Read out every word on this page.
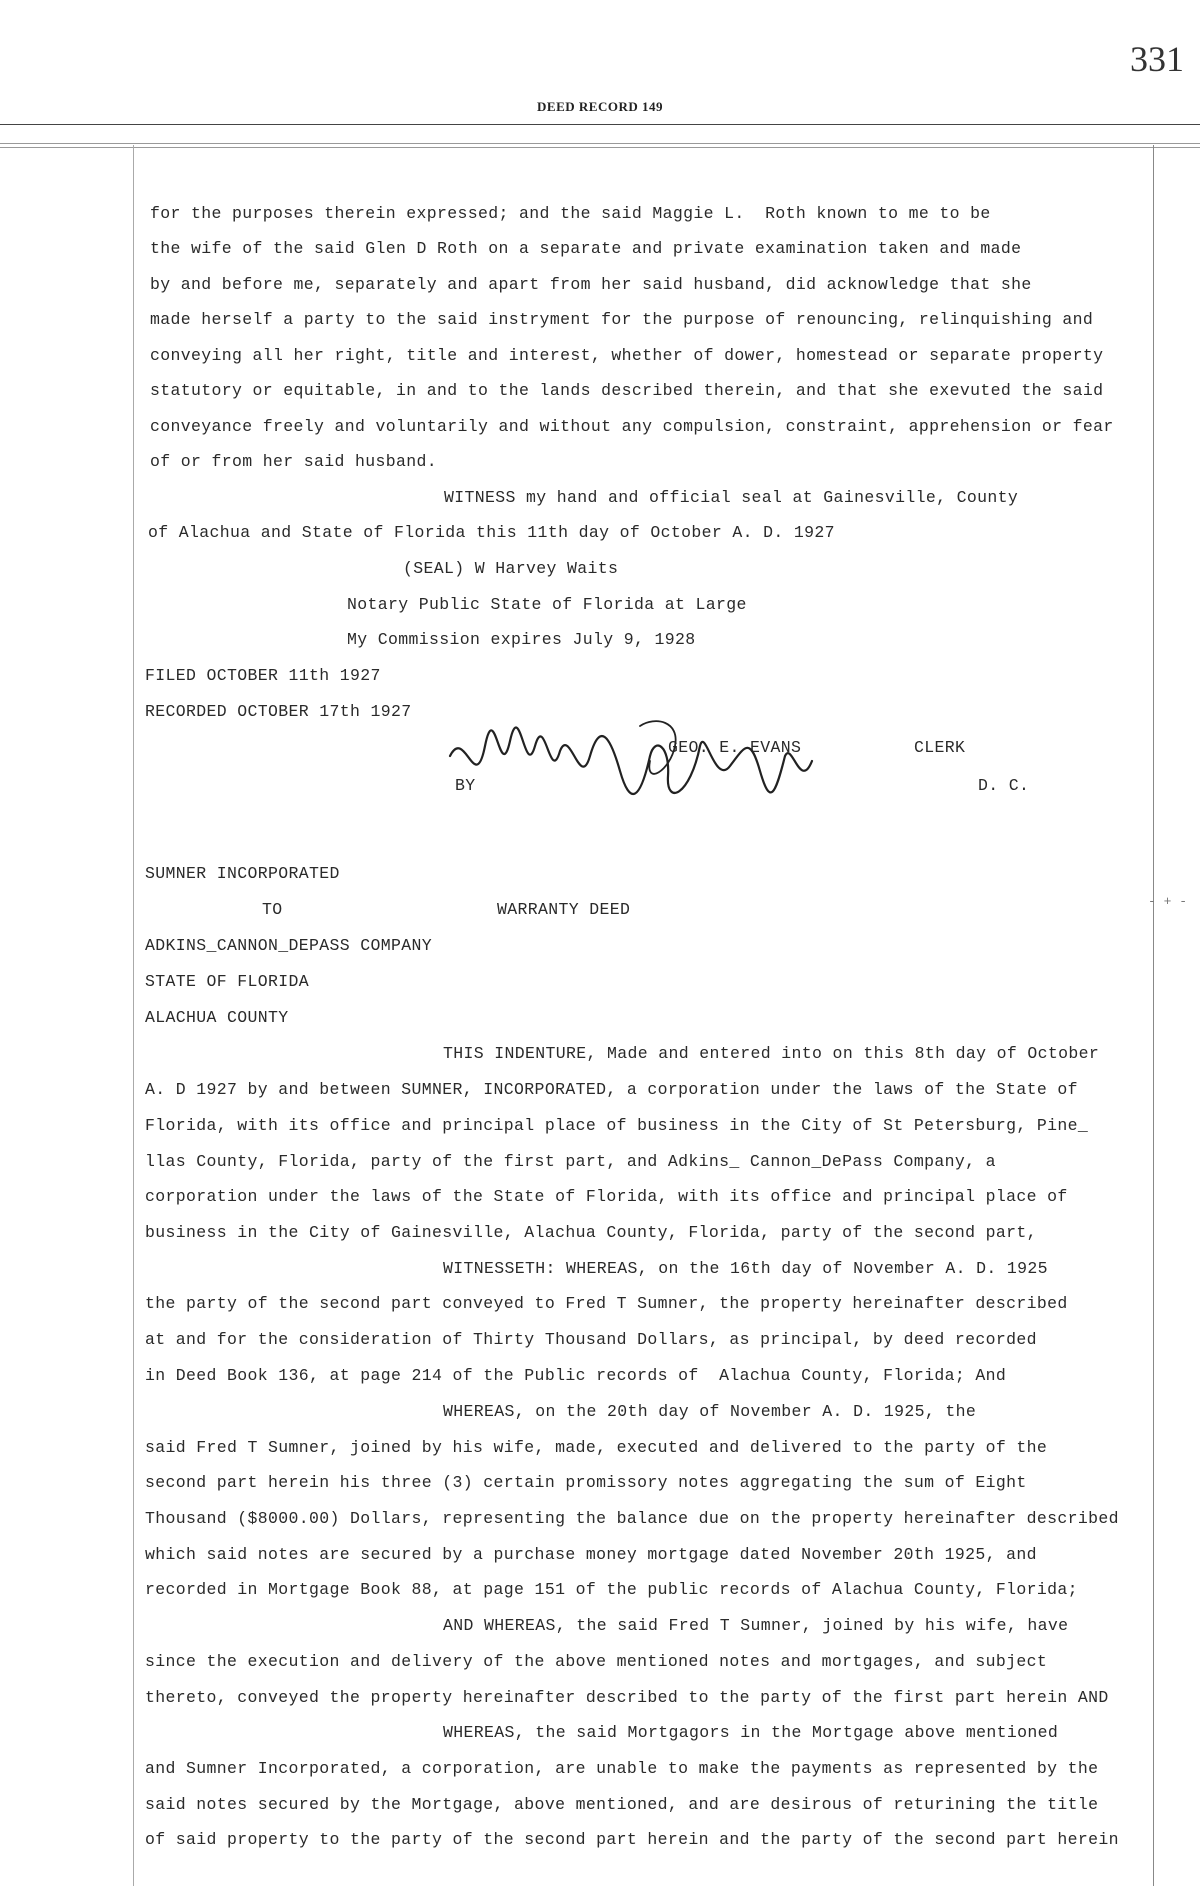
331
DEED RECORD 149
- + -
for the purposes therein expressed; and the said Maggie L.  Roth known to me to be
the wife of the said Glen D Roth on a separate and private examination taken and made
by and before me, separately and apart from her said husband, did acknowledge that she
made herself a party to the said instryment for the purpose of renouncing, relinquishing and
conveying all her right, title and interest, whether of dower, homestead or separate property
statutory or equitable, in and to the lands described therein, and that she exevuted the said
conveyance freely and voluntarily and without any compulsion, constraint, apprehension or fear
of or from her said husband.
WITNESS my hand and official seal at Gainesville, County
of Alachua and State of Florida this 11th day of October A. D. 1927
(SEAL) W Harvey Waits
Notary Public State of Florida at Large
My Commission expires July 9, 1928
FILED OCTOBER 11th 1927
RECORDED OCTOBER 17th 1927
GEO. E. EVANS	CLERK
BY	D. C.
SUMNER INCORPORATED
TO	WARRANTY DEED
ADKINS_CANNON_DEPASS COMPANY
STATE OF FLORIDA
ALACHUA COUNTY
THIS INDENTURE, Made and entered into on this 8th day of October
A. D 1927 by and between SUMNER, INCORPORATED, a corporation under the laws of the State of
Florida, with its office and principal place of business in the City of St Petersburg, Pine_
llas County, Florida, party of the first part, and Adkins_ Cannon_DePass Company, a
corporation under the laws of the State of Florida, with its office and principal place of
business in the City of Gainesville, Alachua County, Florida, party of the second part,
WITNESSETH: WHEREAS, on the 16th day of November A. D. 1925
the party of the second part conveyed to Fred T Sumner, the property hereinafter described
at and for the consideration of Thirty Thousand Dollars, as principal, by deed recorded
in Deed Book 136, at page 214 of the Public records of  Alachua County, Florida; And
WHEREAS, on the 20th day of November A. D. 1925, the
said Fred T Sumner, joined by his wife, made, executed and delivered to the party of the
second part herein his three (3) certain promissory notes aggregating the sum of Eight
Thousand ($8000.00) Dollars, representing the balance due on the property hereinafter described
which said notes are secured by a purchase money mortgage dated November 20th 1925, and
recorded in Mortgage Book 88, at page 151 of the public records of Alachua County, Florida;
AND WHEREAS, the said Fred T Sumner, joined by his wife, have
since the execution and delivery of the above mentioned notes and mortgages, and subject
thereto, conveyed the property hereinafter described to the party of the first part herein AND
WHEREAS, the said Mortgagors in the Mortgage above mentioned
and Sumner Incorporated, a corporation, are unable to make the payments as represented by the
said notes secured by the Mortgage, above mentioned, and are desirous of returining the title
of said property to the party of the second part herein and the party of the second part herein
